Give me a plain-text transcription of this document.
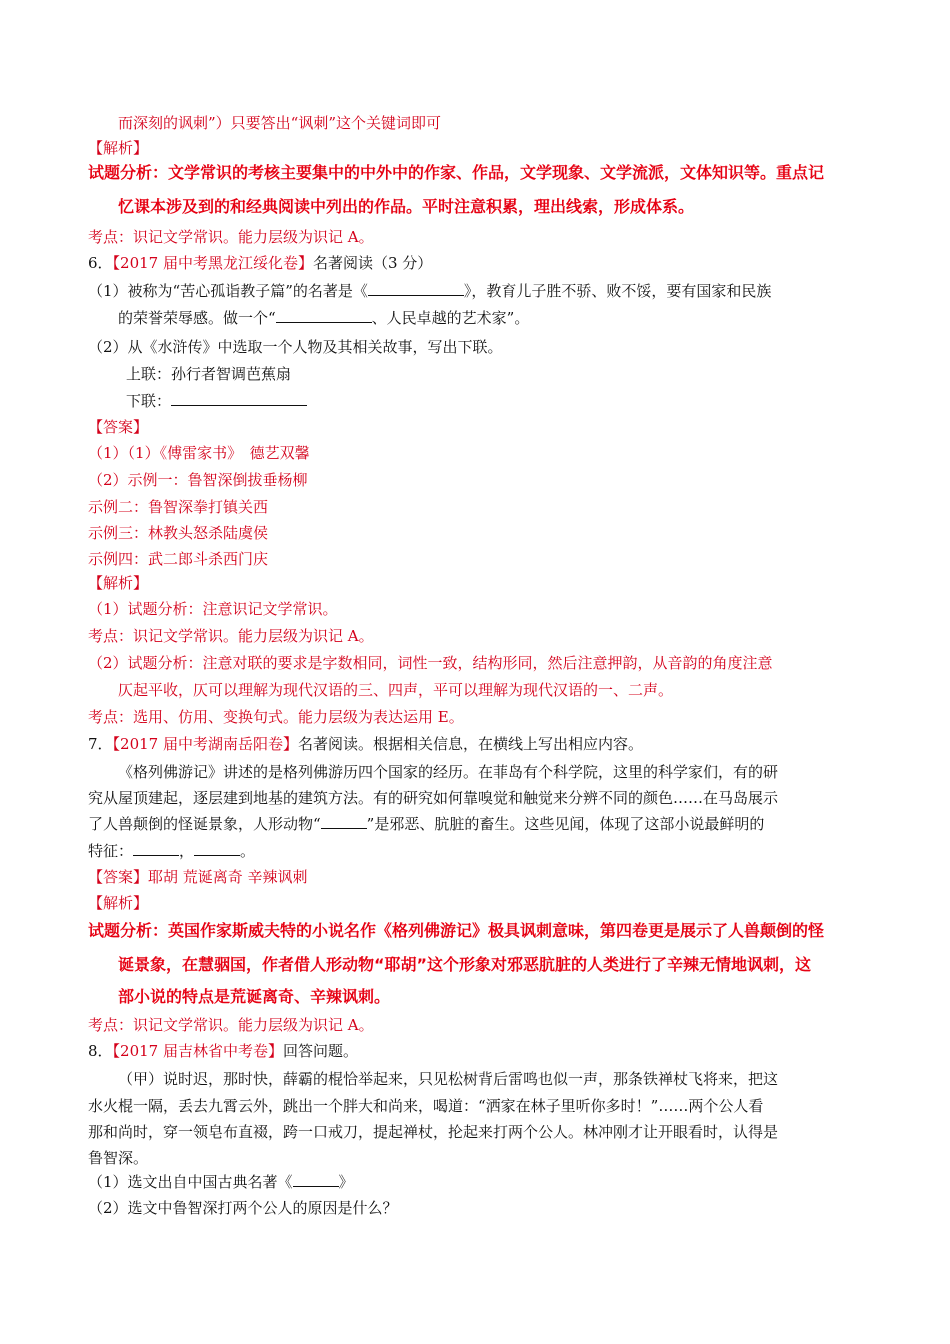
而深刻的讽刺”）只要答出“讽刺”这个关键词即可
【解析】
试题分析：文学常识的考核主要集中的中外中的作家、作品，文学现象、文学流派，文体知识等。重点记
忆课本涉及到的和经典阅读中列出的作品。平时注意积累，理出线索，形成体系。
考点：识记文学常识。能力层级为识记 A。
6．【2017 届中考黑龙江绥化卷】名著阅读（3 分）
（1）被称为“苦心孤诣教子篇”的名著是《	》，教育儿子胜不骄、败不馁，要有国家和民族
的荣誉荣辱感。做一个“	、人民卓越的艺术家”。
（2）从《水浒传》中选取一个人物及其相关故事，写出下联。
上联：孙行者智调芭蕉扇
下联：
【答案】
（1）（1）《傅雷家书》　德艺双馨
（2）示例一：鲁智深倒拔垂杨柳
示例二：鲁智深拳打镇关西
示例三：林教头怒杀陆虞侯
示例四：武二郎斗杀西门庆
【解析】
（1）试题分析：注意识记文学常识。
考点：识记文学常识。能力层级为识记 A。
（2）试题分析：注意对联的要求是字数相同，词性一致，结构形同，然后注意押韵，从音韵的角度注意
仄起平收，仄可以理解为现代汉语的三、四声，平可以理解为现代汉语的一、二声。
考点：选用、仿用、变换句式。能力层级为表达运用 E。
7．【2017 届中考湖南岳阳卷】名著阅读。根据相关信息，在横线上写出相应内容。
《格列佛游记》讲述的是格列佛游历四个国家的经历。在菲岛有个科学院，这里的科学家们，有的研
究从屋顶建起，逐层建到地基的建筑方法。有的研究如何靠嗅觉和触觉来分辨不同的颜色……在马岛展示
了人兽颠倒的怪诞景象，人形动物“	”是邪恶、肮脏的畜生。这些见闻，体现了这部小说最鲜明的
特征：	，	。
【答案】耶胡 荒诞离奇 辛辣讽刺
【解析】
试题分析：英国作家斯威夫特的小说名作《格列佛游记》极具讽刺意味，第四卷更是展示了人兽颠倒的怪
诞景象，在慧骃国，作者借人形动物“耶胡”这个形象对邪恶肮脏的人类进行了辛辣无情地讽刺，这
部小说的特点是荒诞离奇、辛辣讽刺。
考点：识记文学常识。能力层级为识记 A。
8．【2017 届吉林省中考卷】回答问题。
（甲）说时迟，那时快，薛霸的棍恰举起来，只见松树背后雷鸣也似一声，那条铁禅杖飞将来，把这
水火棍一隔，丢去九霄云外，跳出一个胖大和尚来，喝道：“洒家在林子里听你多时！”……两个公人看
那和尚时，穿一领皂布直裰，跨一口戒刀，提起禅杖，抡起来打两个公人。林冲刚才让开眼看时，认得是
鲁智深。
（1）选文出自中国古典名著《	》
（2）选文中鲁智深打两个公人的原因是什么？
